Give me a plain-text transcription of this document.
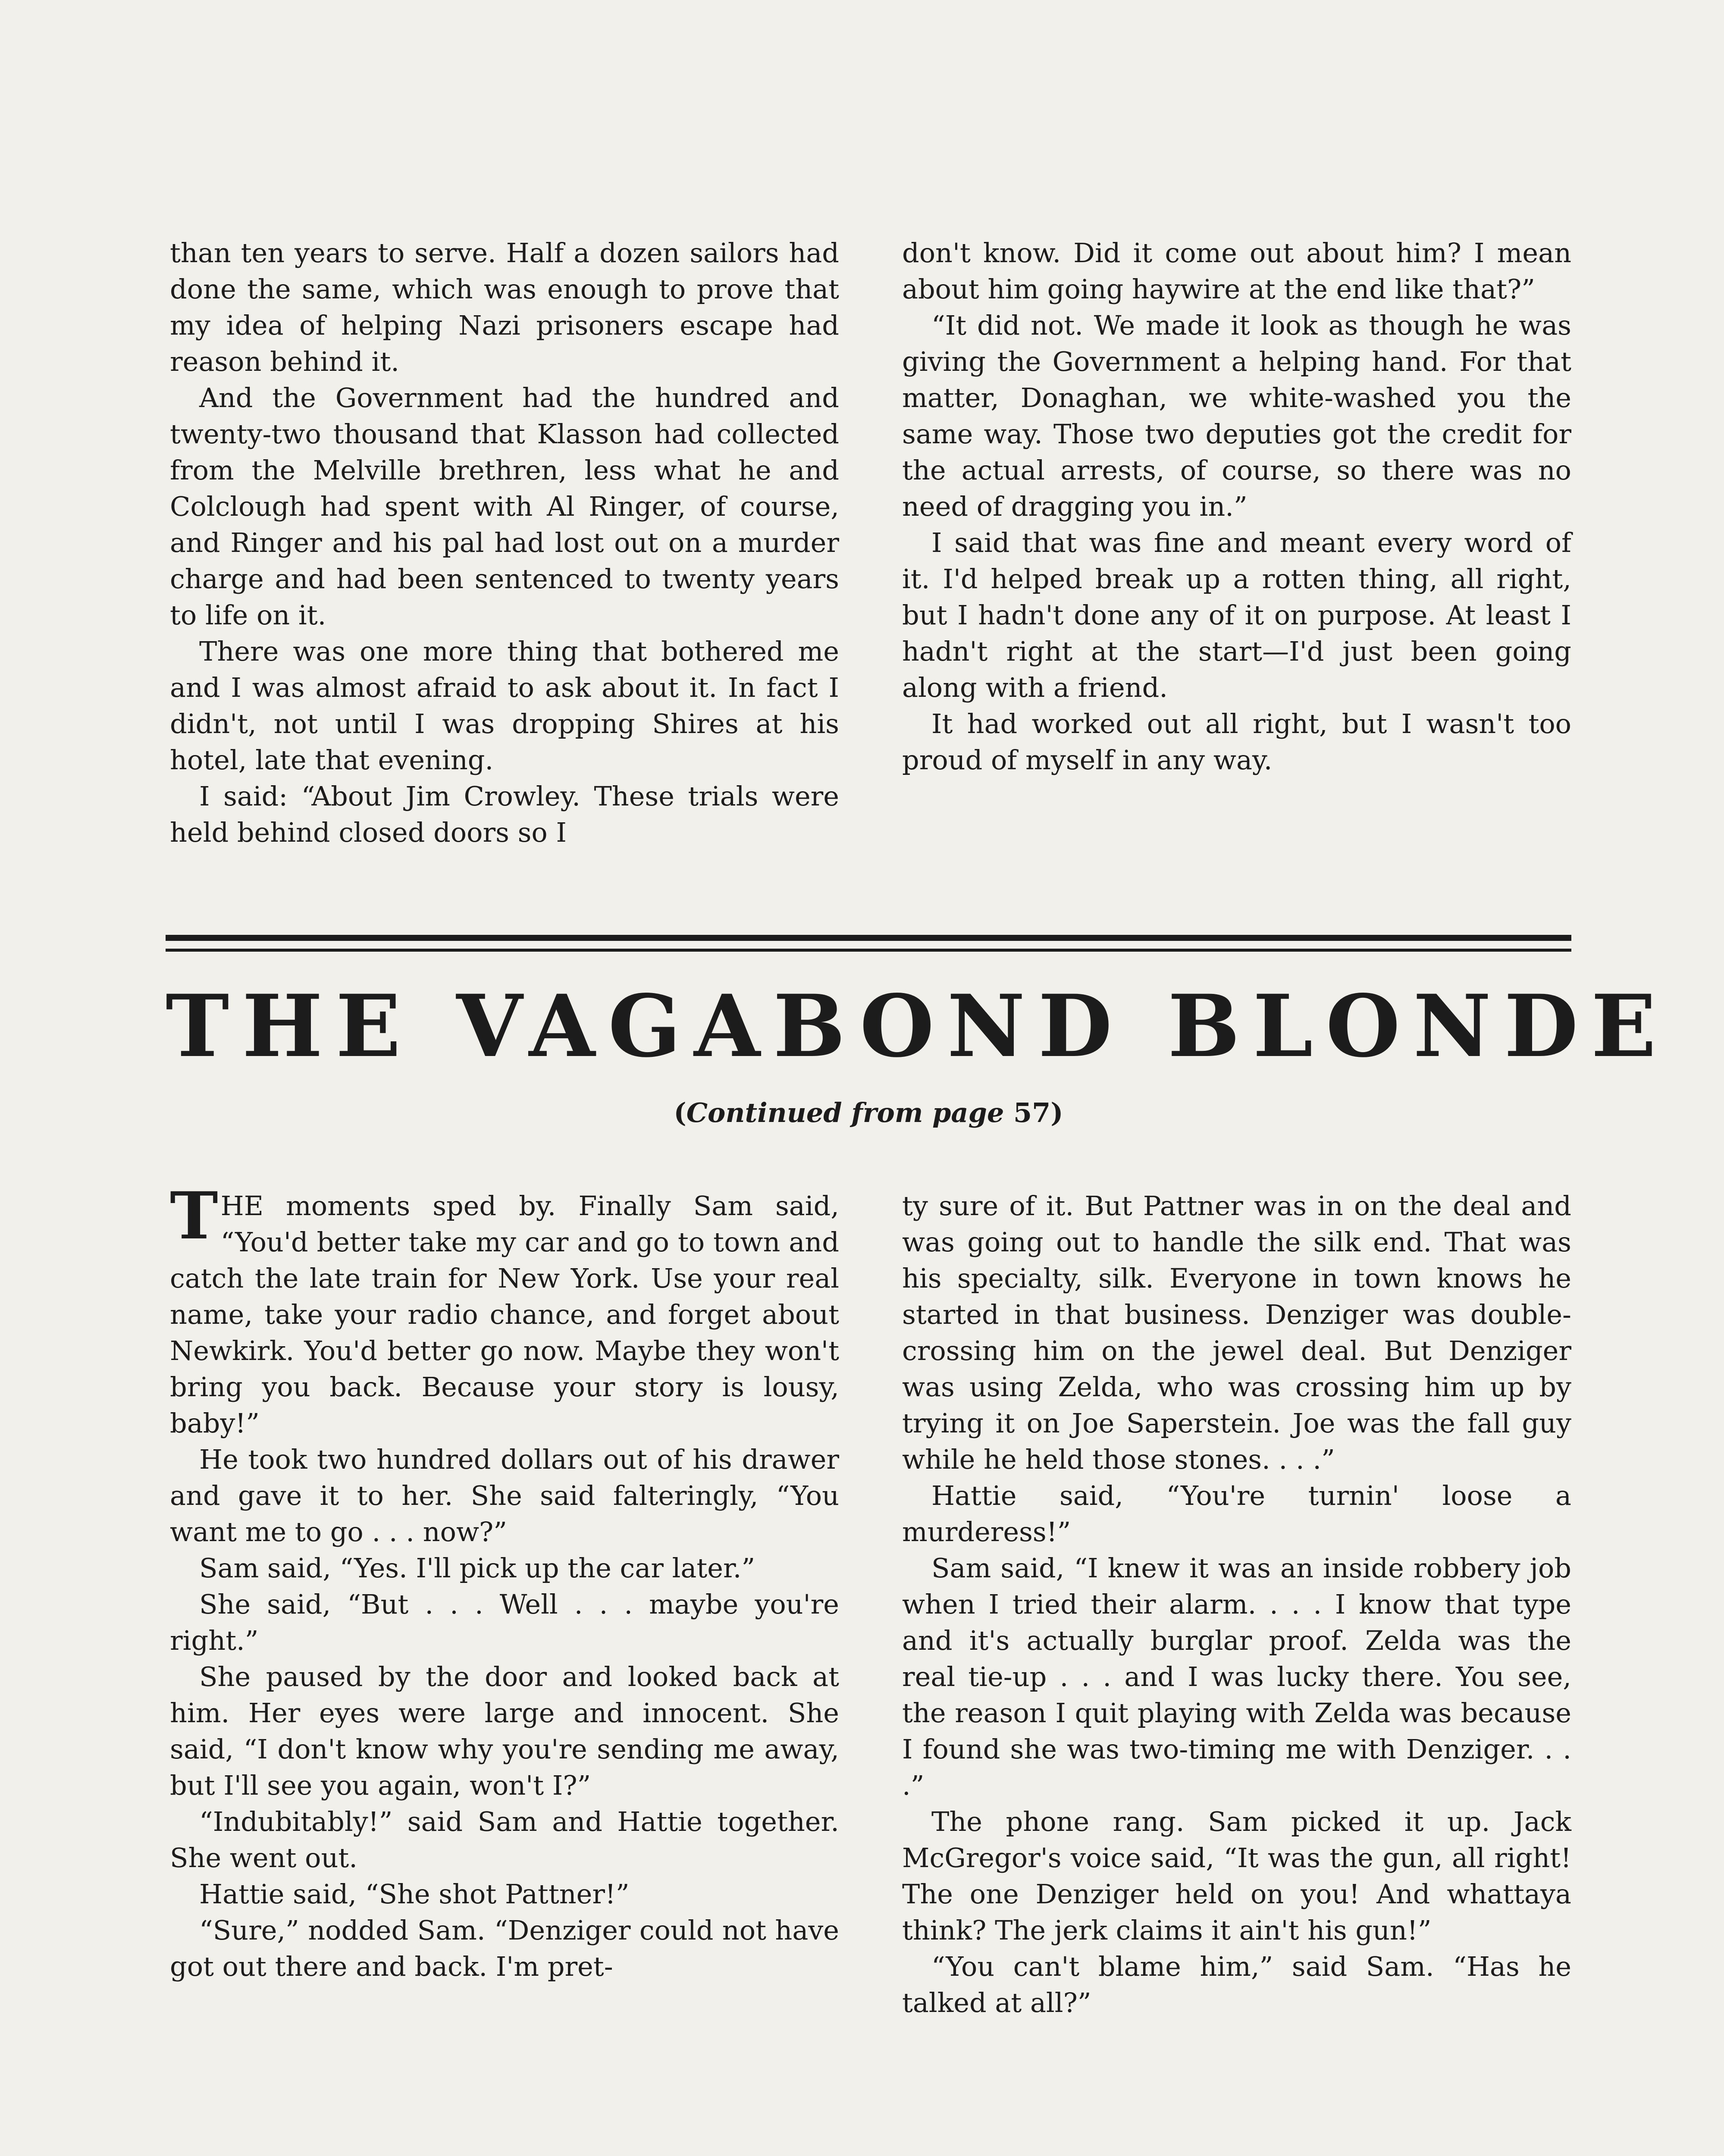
than ten years to serve. Half a dozen sailors had done the same, which was enough to prove that my idea of helping Nazi prisoners escape had reason behind it.

And the Government had the hundred and twenty-two thousand that Klasson had collected from the Melville brethren, less what he and Colclough had spent with Al Ringer, of course, and Ringer and his pal had lost out on a murder charge and had been sentenced to twenty years to life on it.

There was one more thing that bothered me and I was almost afraid to ask about it. In fact I didn't, not until I was dropping Shires at his hotel, late that evening.

I said: “About Jim Crowley. These trials were held behind closed doors so I

don't know. Did it come out about him? I mean about him going haywire at the end like that?”

“It did not. We made it look as though he was giving the Government a helping hand. For that matter, Donaghan, we white-washed you the same way. Those two deputies got the credit for the actual arrests, of course, so there was no need of dragging you in.”

I said that was fine and meant every word of it. I'd helped break up a rotten thing, all right, but I hadn't done any of it on purpose. At least I hadn't right at the start—I'd just been going along with a friend.

It had worked out all right, but I wasn't too proud of myself in any way.

THE VAGABOND BLONDE

(Continued from page 57)

THE moments sped by. Finally Sam said, “You'd better take my car and go to town and catch the late train for New York. Use your real name, take your radio chance, and forget about Newkirk. You'd better go now. Maybe they won't bring you back. Because your story is lousy, baby!”

He took two hundred dollars out of his drawer and gave it to her. She said falteringly, “You want me to go . . . now?”

Sam said, “Yes. I'll pick up the car later.”

She said, “But . . . Well . . . maybe you're right.”

She paused by the door and looked back at him. Her eyes were large and innocent. She said, “I don't know why you're sending me away, but I'll see you again, won't I?”

“Indubitably!” said Sam and Hattie together. She went out.

Hattie said, “She shot Pattner!”

“Sure,” nodded Sam. “Denziger could not have got out there and back. I'm pret-

ty sure of it. But Pattner was in on the deal and was going out to handle the silk end. That was his specialty, silk. Everyone in town knows he started in that business. Denziger was double-crossing him on the jewel deal. But Denziger was using Zelda, who was crossing him up by trying it on Joe Saperstein. Joe was the fall guy while he held those stones. . . .”

Hattie said, “You're turnin' loose a murderess!”

Sam said, “I knew it was an inside robbery job when I tried their alarm. . . . I know that type and it's actually burglar proof. Zelda was the real tie-up . . . and I was lucky there. You see, the reason I quit playing with Zelda was because I found she was two-timing me with Denziger. . . .”

The phone rang. Sam picked it up. Jack McGregor's voice said, “It was the gun, all right! The one Denziger held on you! And whattaya think? The jerk claims it ain't his gun!”

“You can't blame him,” said Sam. “Has he talked at all?”
